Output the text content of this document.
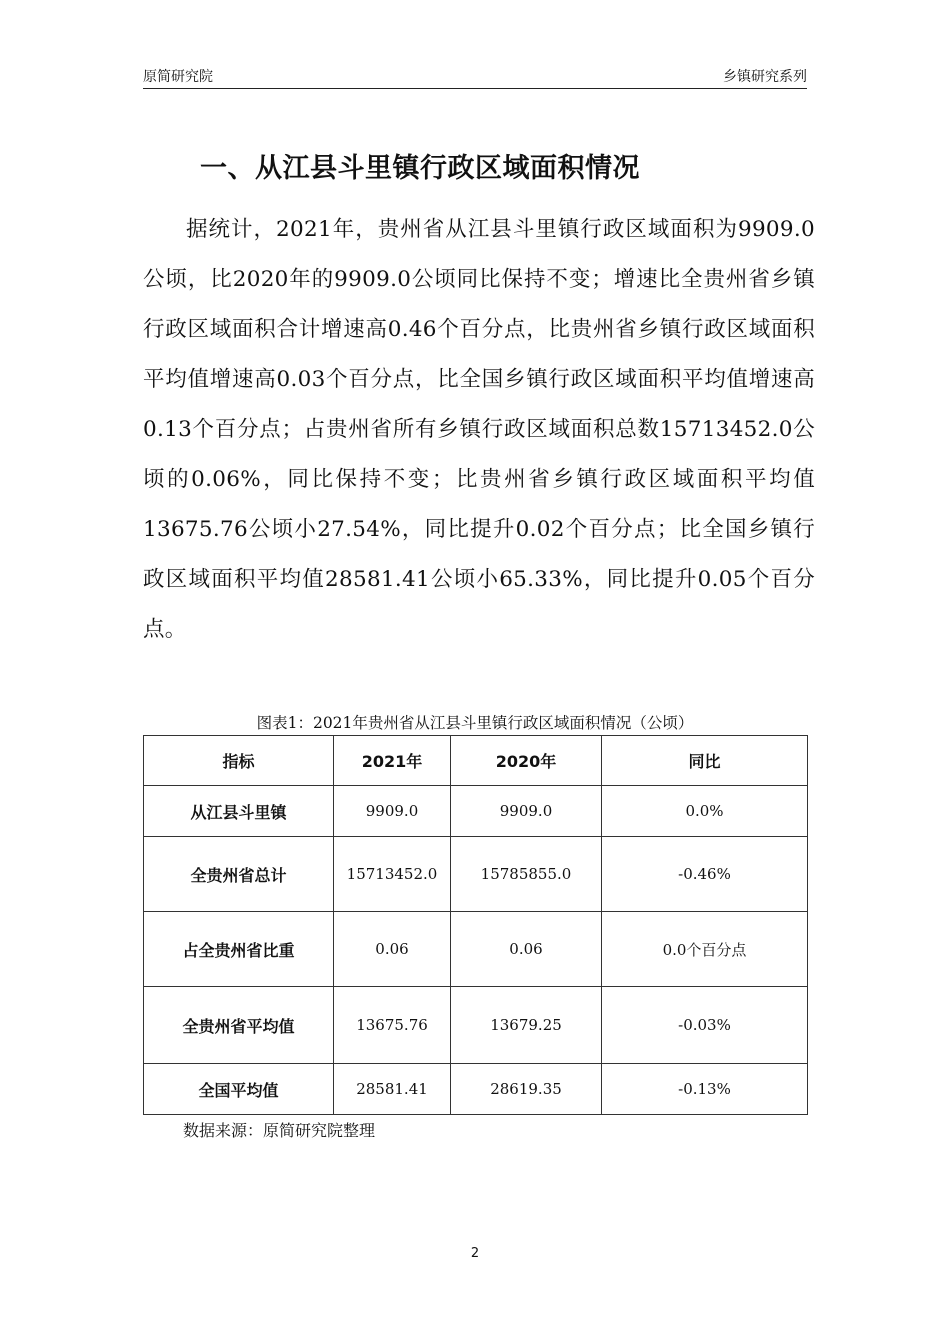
原简研究院	乡镇研究系列
一、从江县斗里镇行政区域面积情况

据统计，2021年，贵州省从江县斗里镇行政区域面积为9909.0公顷，比2020年的9909.0公顷同比保持不变；增速比全贵州省乡镇行政区域面积合计增速高0.46个百分点，比贵州省乡镇行政区域面积平均值增速高0.03个百分点，比全国乡镇行政区域面积平均值增速高0.13个百分点；占贵州省所有乡镇行政区域面积总数15713452.0公顷的0.06%，同比保持不变；比贵州省乡镇行政区域面积平均值13675.76公顷小27.54%，同比提升0.02个百分点；比全国乡镇行政区域面积平均值28581.41公顷小65.33%，同比提升0.05个百分点。

图表1：2021年贵州省从江县斗里镇行政区域面积情况（公顷）
指标	2021年	2020年	同比
从江县斗里镇	9909.0	9909.0	0.0%
全贵州省总计	15713452.0	15785855.0	-0.46%
占全贵州省比重	0.06	0.06	0.0个百分点
全贵州省平均值	13675.76	13679.25	-0.03%
全国平均值	28581.41	28619.35	-0.13%
数据来源：原简研究院整理
2
